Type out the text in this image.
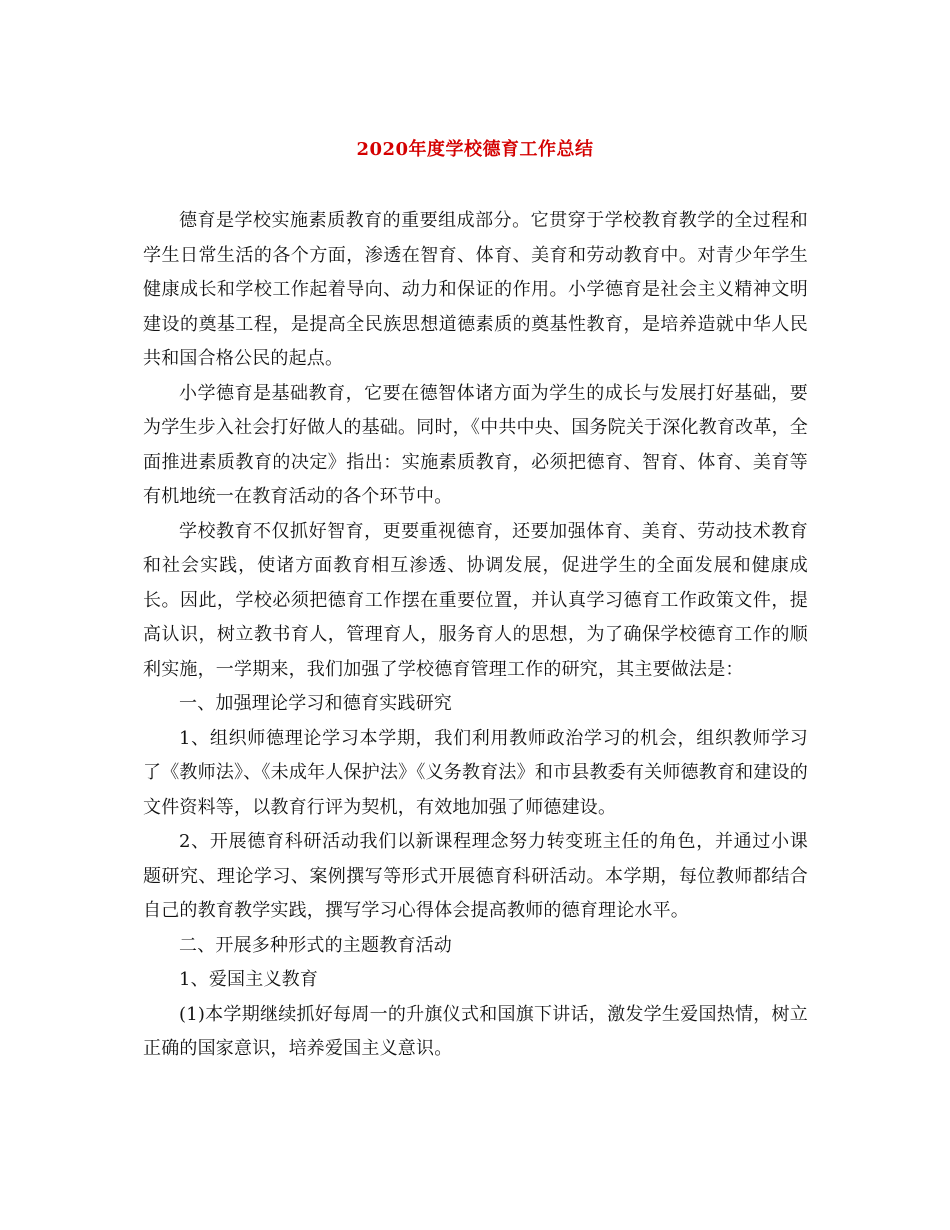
2020年度学校德育工作总结

德育是学校实施素质教育的重要组成部分。它贯穿于学校教育教学的全过程和学生日常生活的各个方面，渗透在智育、体育、美育和劳动教育中。对青少年学生健康成长和学校工作起着导向、动力和保证的作用。小学德育是社会主义精神文明建设的奠基工程，是提高全民族思想道德素质的奠基性教育，是培养造就中华人民共和国合格公民的起点。

小学德育是基础教育，它要在德智体诸方面为学生的成长与发展打好基础，要为学生步入社会打好做人的基础。同时，《中共中央、国务院关于深化教育改革，全面推进素质教育的决定》指出：实施素质教育，必须把德育、智育、体育、美育等有机地统一在教育活动的各个环节中。

学校教育不仅抓好智育，更要重视德育，还要加强体育、美育、劳动技术教育和社会实践，使诸方面教育相互渗透、协调发展，促进学生的全面发展和健康成长。因此，学校必须把德育工作摆在重要位置，并认真学习德育工作政策文件，提高认识，树立教书育人，管理育人，服务育人的思想，为了确保学校德育工作的顺利实施，一学期来，我们加强了学校德育管理工作的研究，其主要做法是：

一、加强理论学习和德育实践研究

1、组织师德理论学习本学期，我们利用教师政治学习的机会，组织教师学习了《教师法》、《未成年人保护法》《义务教育法》和市县教委有关师德教育和建设的文件资料等，以教育行评为契机，有效地加强了师德建设。

2、开展德育科研活动我们以新课程理念努力转变班主任的角色，并通过小课题研究、理论学习、案例撰写等形式开展德育科研活动。本学期，每位教师都结合自己的教育教学实践，撰写学习心得体会提高教师的德育理论水平。

二、开展多种形式的主题教育活动

1、爱国主义教育

(1)本学期继续抓好每周一的升旗仪式和国旗下讲话，激发学生爱国热情，树立正确的国家意识，培养爱国主义意识。
